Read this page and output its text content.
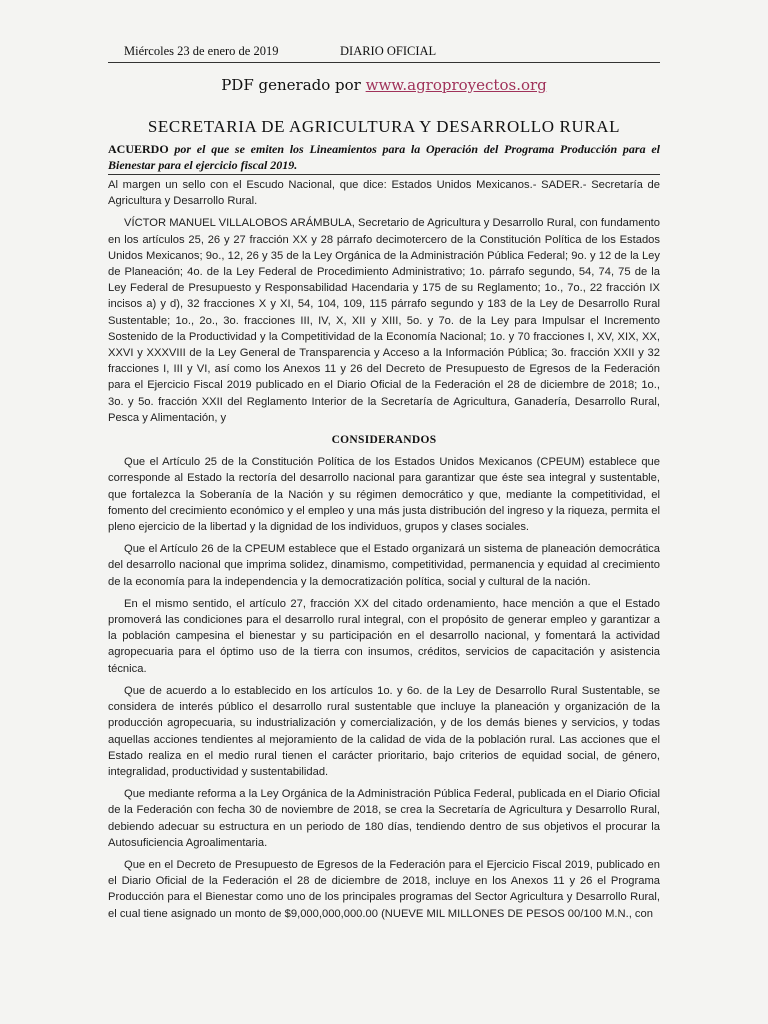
Miércoles 23 de enero de 2019	DIARIO OFICIAL
PDF generado por www.agroproyectos.org
SECRETARIA DE AGRICULTURA Y DESARROLLO RURAL
ACUERDO por el que se emiten los Lineamientos para la Operación del Programa Producción para el Bienestar para el ejercicio fiscal 2019.

Al margen un sello con el Escudo Nacional, que dice: Estados Unidos Mexicanos.- SADER.- Secretaría de Agricultura y Desarrollo Rural.

VÍCTOR MANUEL VILLALOBOS ARÁMBULA, Secretario de Agricultura y Desarrollo Rural, con fundamento en los artículos 25, 26 y 27 fracción XX y 28 párrafo decimotercero de la Constitución Política de los Estados Unidos Mexicanos; 9o., 12, 26 y 35 de la Ley Orgánica de la Administración Pública Federal; 9o. y 12 de la Ley de Planeación; 4o. de la Ley Federal de Procedimiento Administrativo; 1o. párrafo segundo, 54, 74, 75 de la Ley Federal de Presupuesto y Responsabilidad Hacendaria y 175 de su Reglamento; 1o., 7o., 22 fracción IX incisos a) y d), 32 fracciones X y XI, 54, 104, 109, 115 párrafo segundo y 183 de la Ley de Desarrollo Rural Sustentable; 1o., 2o., 3o. fracciones III, IV, X, XII y XIII, 5o. y 7o. de la Ley para Impulsar el Incremento Sostenido de la Productividad y la Competitividad de la Economía Nacional; 1o. y 70 fracciones I, XV, XIX, XX, XXVI y XXXVIII de la Ley General de Transparencia y Acceso a la Información Pública; 3o. fracción XXII y 32 fracciones I, III y VI, así como los Anexos 11 y 26 del Decreto de Presupuesto de Egresos de la Federación para el Ejercicio Fiscal 2019 publicado en el Diario Oficial de la Federación el 28 de diciembre de 2018; 1o., 3o. y 5o. fracción XXII del Reglamento Interior de la Secretaría de Agricultura, Ganadería, Desarrollo Rural, Pesca y Alimentación, y

CONSIDERANDOS

Que el Artículo 25 de la Constitución Política de los Estados Unidos Mexicanos (CPEUM) establece que corresponde al Estado la rectoría del desarrollo nacional para garantizar que éste sea integral y sustentable, que fortalezca la Soberanía de la Nación y su régimen democrático y que, mediante la competitividad, el fomento del crecimiento económico y el empleo y una más justa distribución del ingreso y la riqueza, permita el pleno ejercicio de la libertad y la dignidad de los individuos, grupos y clases sociales.

Que el Artículo 26 de la CPEUM establece que el Estado organizará un sistema de planeación democrática del desarrollo nacional que imprima solidez, dinamismo, competitividad, permanencia y equidad al crecimiento de la economía para la independencia y la democratización política, social y cultural de la nación.

En el mismo sentido, el artículo 27, fracción XX del citado ordenamiento, hace mención a que el Estado promoverá las condiciones para el desarrollo rural integral, con el propósito de generar empleo y garantizar a la población campesina el bienestar y su participación en el desarrollo nacional, y fomentará la actividad agropecuaria para el óptimo uso de la tierra con insumos, créditos, servicios de capacitación y asistencia técnica.

Que de acuerdo a lo establecido en los artículos 1o. y 6o. de la Ley de Desarrollo Rural Sustentable, se considera de interés público el desarrollo rural sustentable que incluye la planeación y organización de la producción agropecuaria, su industrialización y comercialización, y de los demás bienes y servicios, y todas aquellas acciones tendientes al mejoramiento de la calidad de vida de la población rural. Las acciones que el Estado realiza en el medio rural tienen el carácter prioritario, bajo criterios de equidad social, de género, integralidad, productividad y sustentabilidad.

Que mediante reforma a la Ley Orgánica de la Administración Pública Federal, publicada en el Diario Oficial de la Federación con fecha 30 de noviembre de 2018, se crea la Secretaría de Agricultura y Desarrollo Rural, debiendo adecuar su estructura en un periodo de 180 días, tendiendo dentro de sus objetivos el procurar la Autosuficiencia Agroalimentaria.

Que en el Decreto de Presupuesto de Egresos de la Federación para el Ejercicio Fiscal 2019, publicado en el Diario Oficial de la Federación el 28 de diciembre de 2018, incluye en los Anexos 11 y 26 el Programa Producción para el Bienestar como uno de los principales programas del Sector Agricultura y Desarrollo Rural, el cual tiene asignado un monto de $9,000,000,000.00 (NUEVE MIL MILLONES DE PESOS 00/100 M.N., con
